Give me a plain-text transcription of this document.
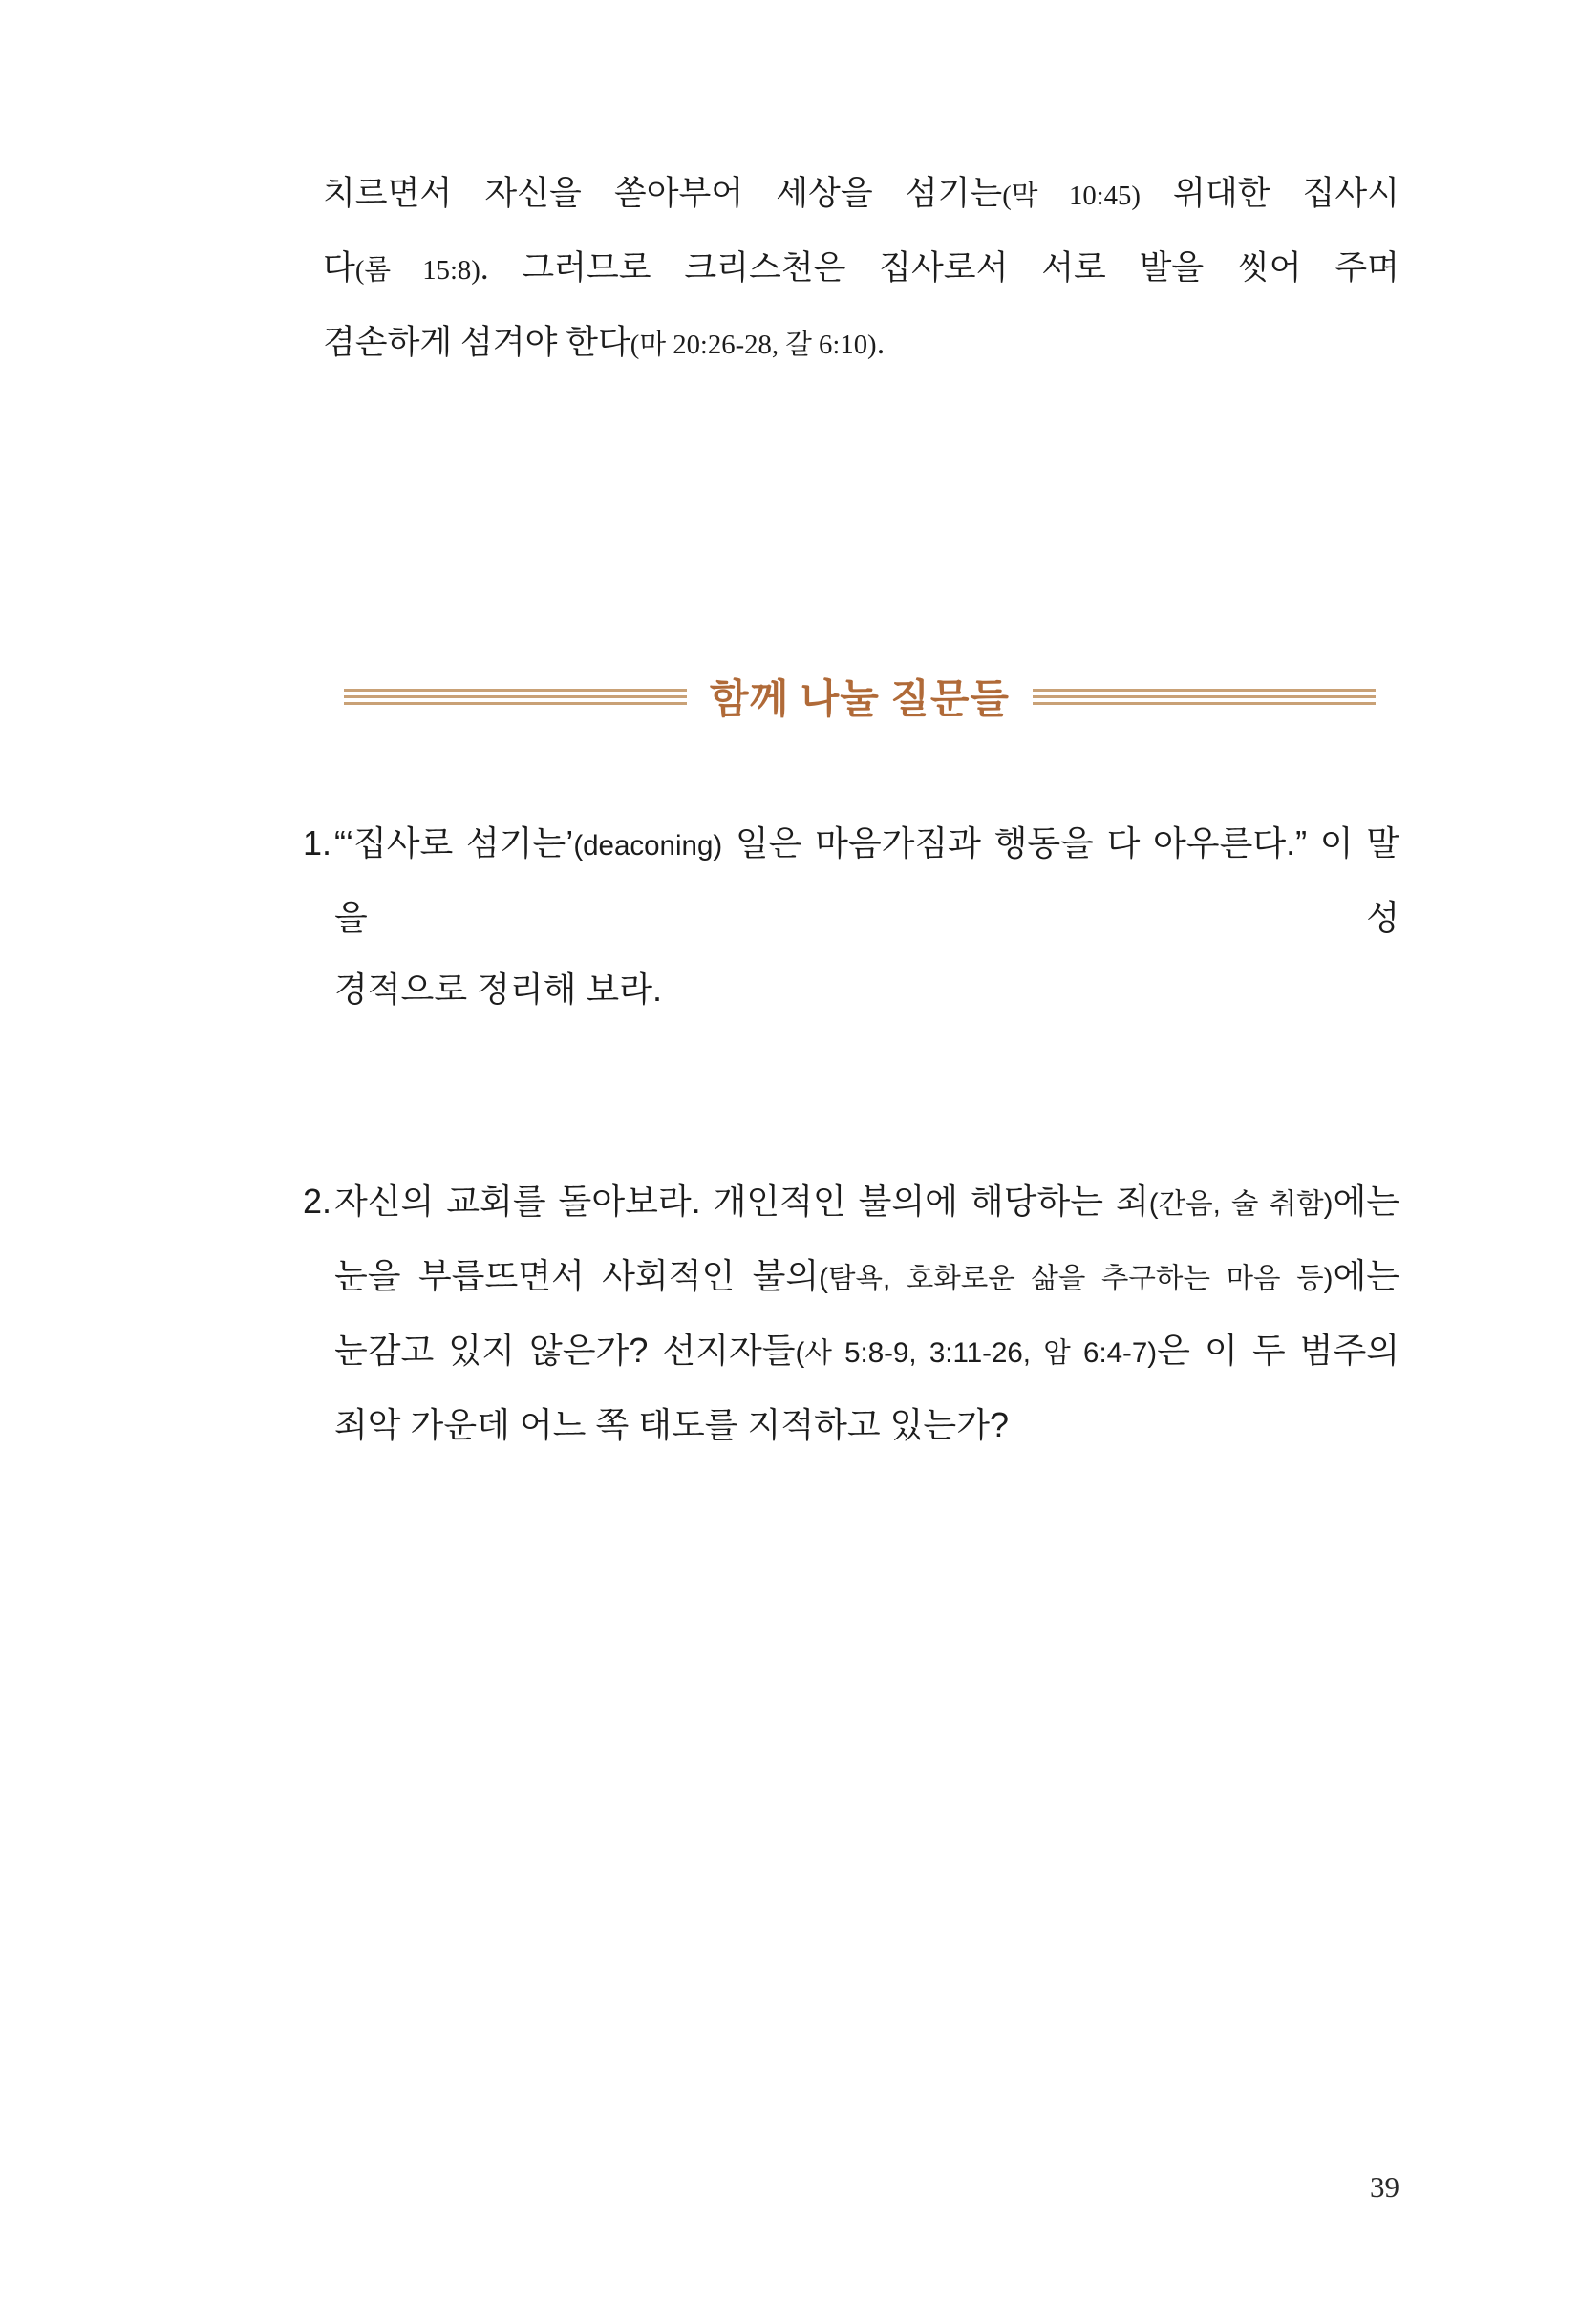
치르면서 자신을 쏟아부어 세상을 섬기는(막 10:45) 위대한 집사시
다(롬 15:8). 그러므로 크리스천은 집사로서 서로 발을 씻어 주며
겸손하게 섬겨야 한다(마 20:26-28, 갈 6:10).
함께 나눌 질문들
1. “‘집사로 섬기는’(deaconing) 일은 마음가짐과 행동을 다 아우른다.” 이 말을 성
경적으로 정리해 보라.
2. 자신의 교회를 돌아보라. 개인적인 불의에 해당하는 죄(간음, 술 취함)에는
눈을 부릅뜨면서 사회적인 불의(탐욕, 호화로운 삶을 추구하는 마음 등)에는
눈감고 있지 않은가? 선지자들(사 5:8-9, 3:11-26, 암 6:4-7)은 이 두 범주의
죄악 가운데 어느 쪽 태도를 지적하고 있는가?
39
